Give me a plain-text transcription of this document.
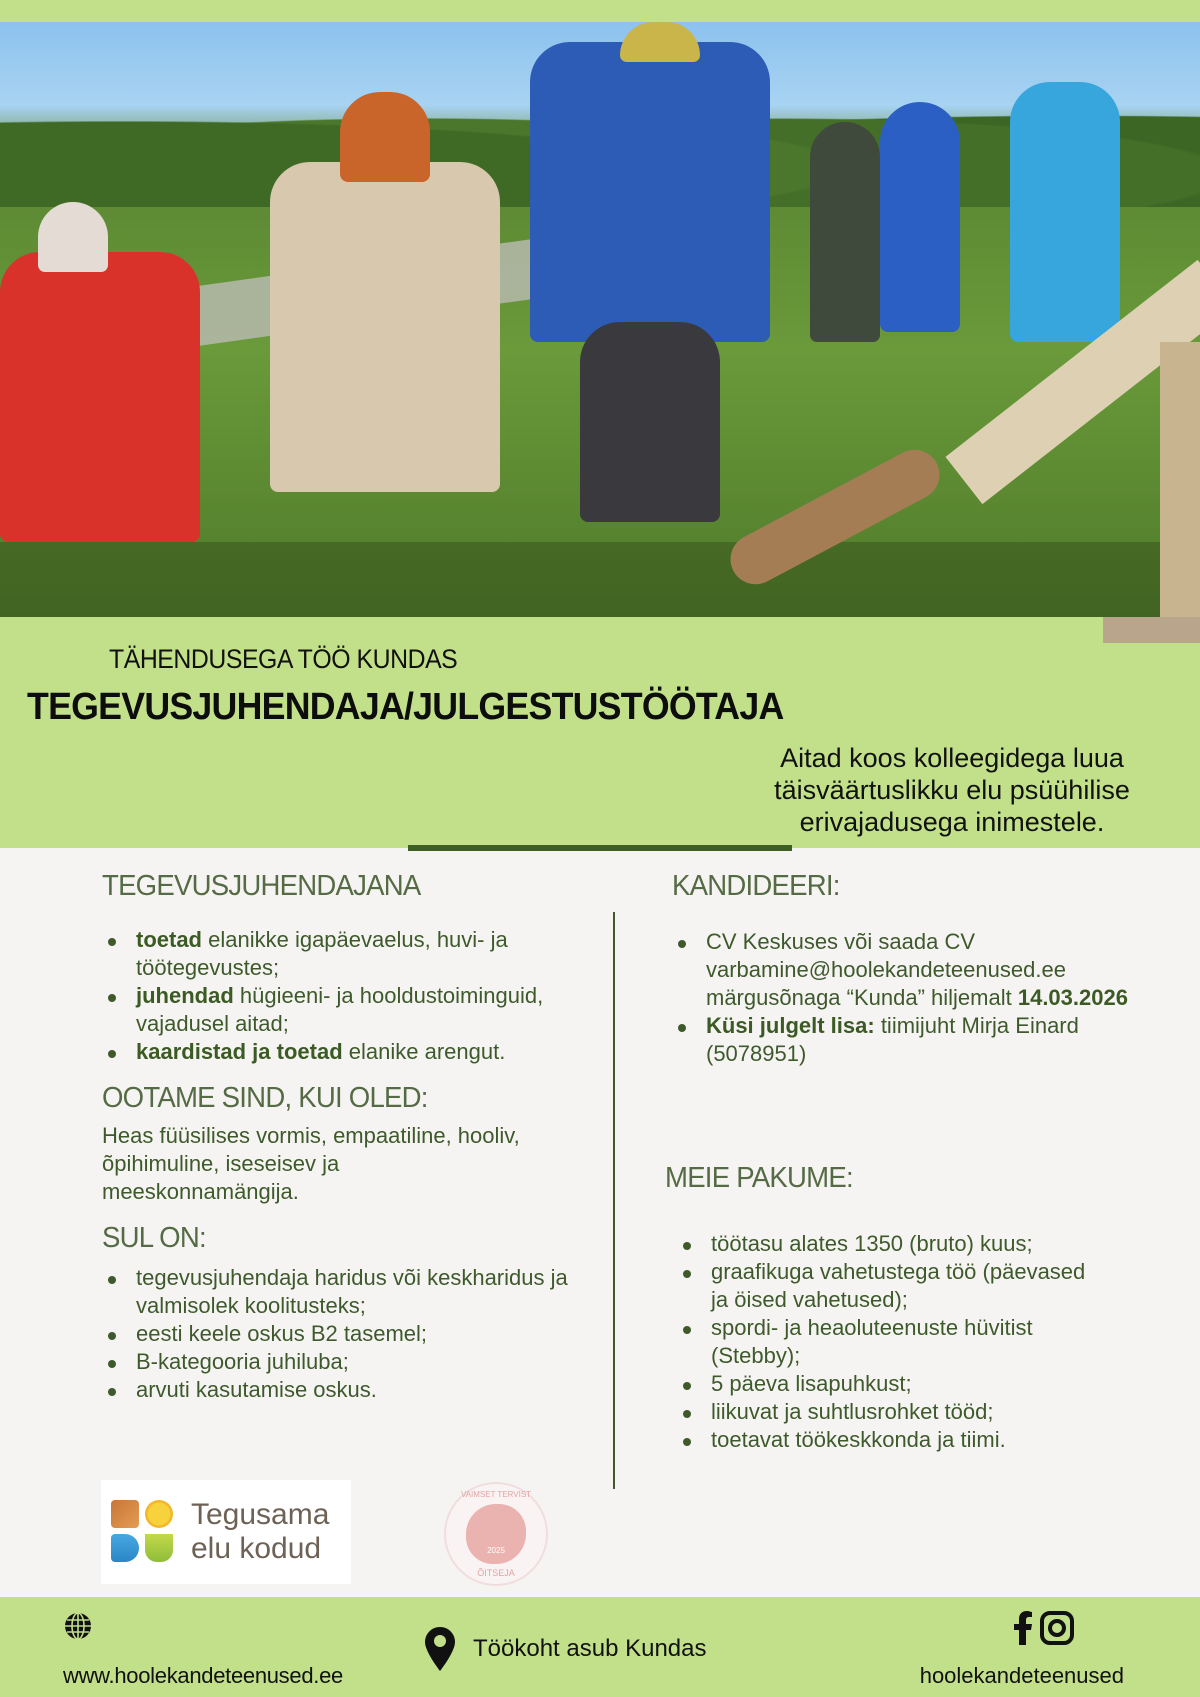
TÄHENDUSEGA TÖÖ KUNDAS
TEGEVUSJUHENDAJA/JULGESTUSTÖÖTAJA

Aitad koos kolleegidega luua täisväärtuslikku elu psüühilise erivajadusega inimestele.

TEGEVUSJUHENDAJANA
toetad elanikke igapäevaelus, huvi- ja töötegevustes;
juhendad hügieeni- ja hooldustoiminguid, vajadusel aitad;
kaardistad ja toetad elanike arengut.
OOTAME SIND, KUI OLED:

Heas füüsilises vormis, empaatiline, hooliv, õpihimuline, iseseisev ja meeskonnamängija.

SUL ON:
tegevusjuhendaja haridus või keskharidus ja valmisolek koolitusteks;
eesti keele oskus B2 tasemel;
B-kategooria juhiluba;
arvuti kasutamise oskus.
KANDIDEERI:
CV Keskuses või saada CV varbamine@hoolekandeteenused.ee märgusõnaga “Kunda” hiljemalt 14.03.2026
Küsi julgelt lisa: tiimijuht Mirja Einard (5078951)
MEIE PAKUME:
töötasu alates 1350 (bruto) kuus;
graafikuga vahetustega töö (päevased ja öised vahetused);
spordi- ja heaoluteenuste hüvitist (Stebby);
5 päeva lisapuhkust;
liikuvat ja suhtlusrohket tööd;
toetavat töökeskkonda ja tiimi.
Tegusama
elu kodud
VAIMSET TERVIST
2025
ÕITSEJA
www.hoolekandeteenused.ee
Töökoht asub Kundas
hoolekandeteenused
